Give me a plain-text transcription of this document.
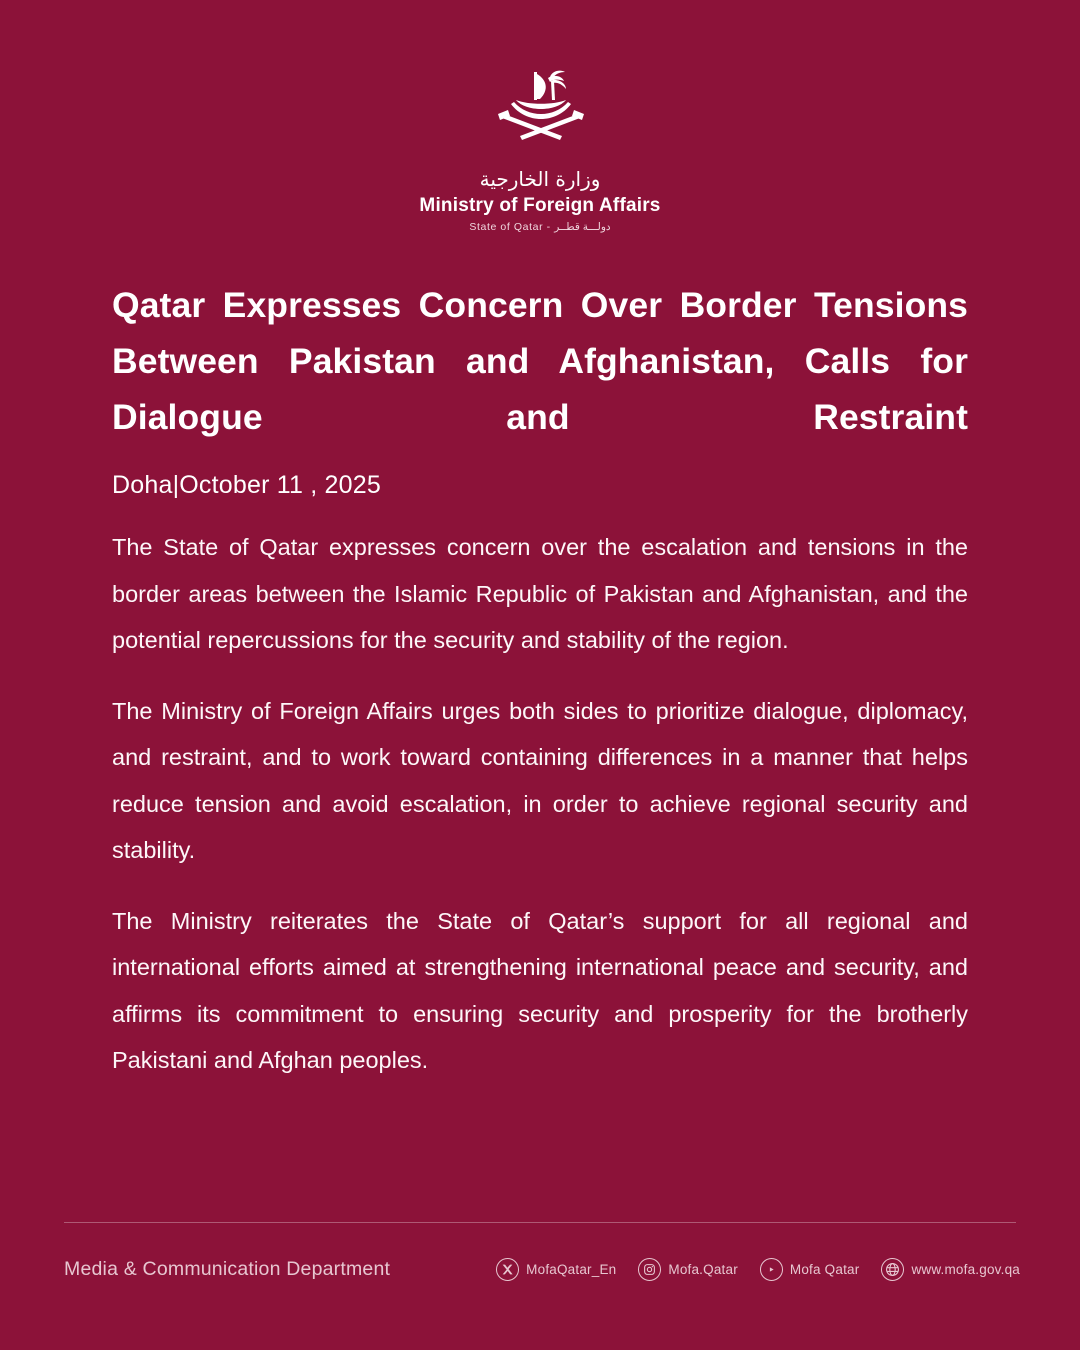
وزارة الخارجية
Ministry of Foreign Affairs
State of Qatar - دولـــة قطــر
Qatar Expresses Concern Over Border Tensions Between Pakistan and Afghanistan, Calls for Dialogue and Restraint
Doha|October 11 , 2025

The State of Qatar expresses concern over the escalation and tensions in the border areas between the Islamic Republic of Pakistan and Afghanistan, and the potential repercussions for the security and stability of the region.

The Ministry of Foreign Affairs urges both sides to prioritize dialogue, diplomacy, and restraint, and to work toward containing differences in a manner that helps reduce tension and avoid escalation, in order to achieve regional security and stability.

The Ministry reiterates the State of Qatar’s support for all regional and international efforts aimed at strengthening international peace and security, and affirms its commitment to ensuring security and prosperity for the brotherly Pakistani and Afghan peoples.

Media & Communication Department	MofaQatar_En	Mofa.Qatar	Mofa Qatar	www.mofa.gov.qa
